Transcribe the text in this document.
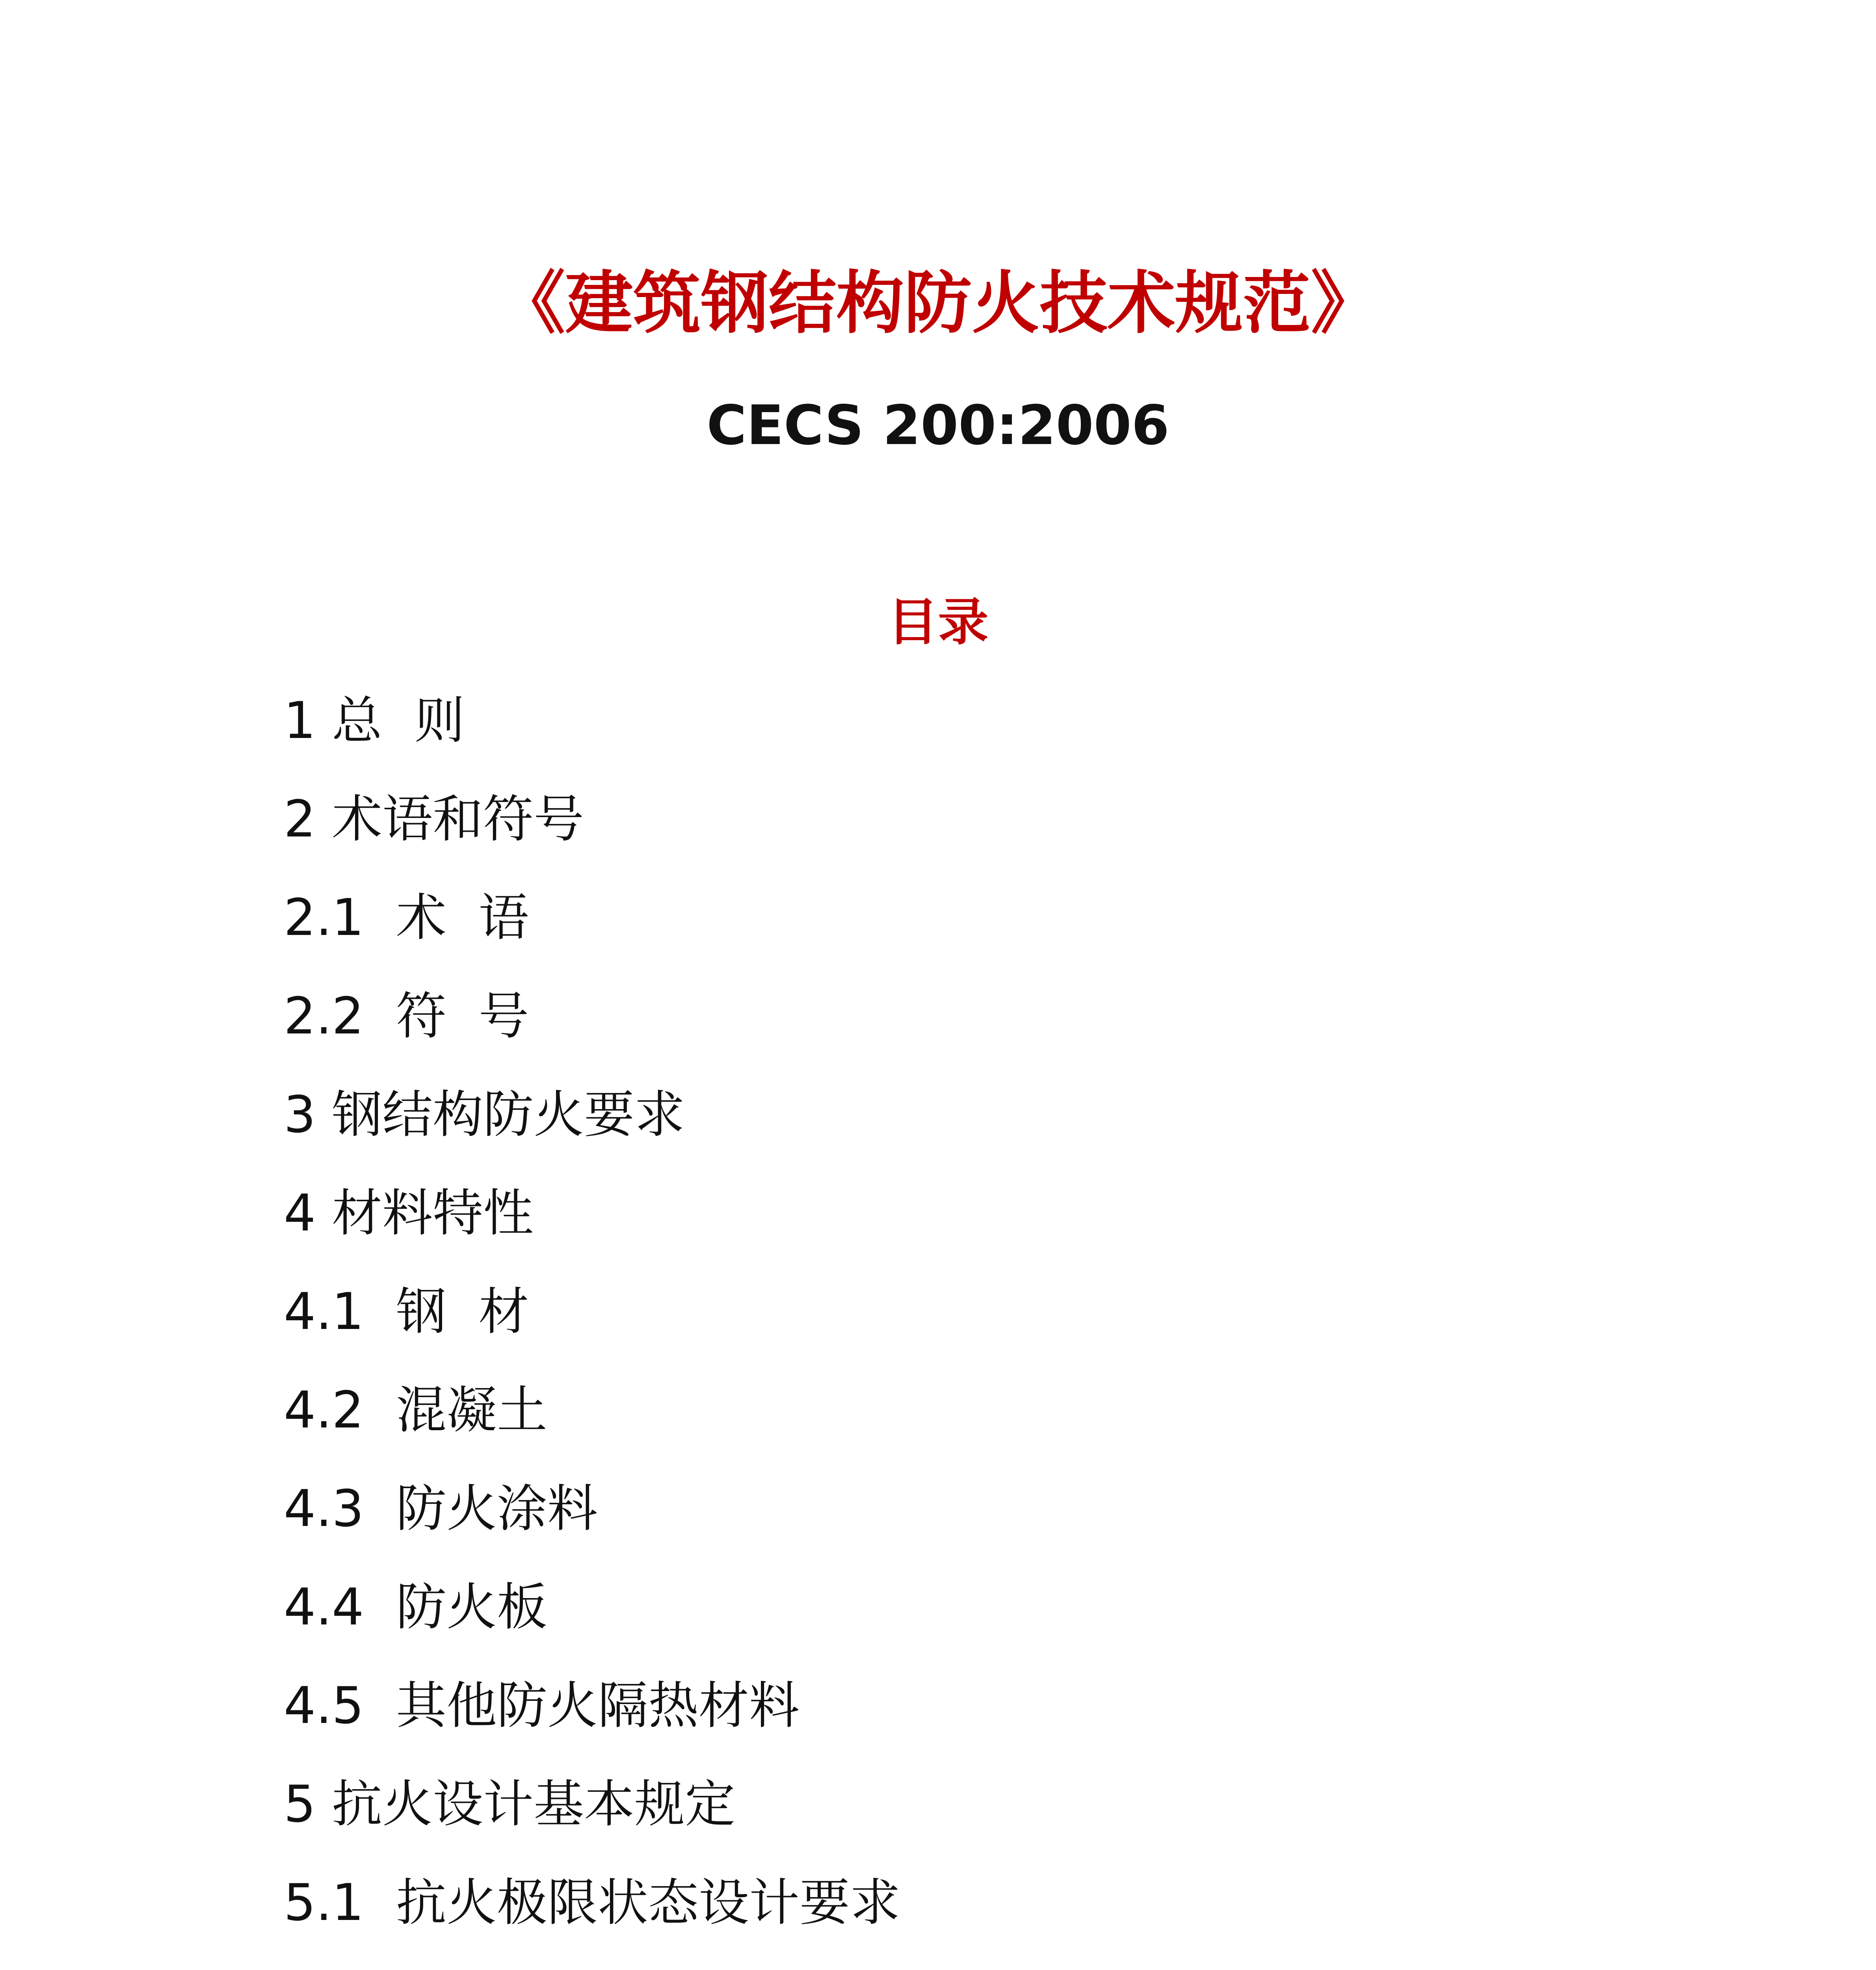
《建筑钢结构防火技术规范》
CECS 200:2006
目录
1 总  则
2 术语和符号
2.1  术  语
2.2  符  号
3 钢结构防火要求
4 材料特性
4.1  钢  材
4.2  混凝土
4.3  防火涂料
4.4  防火板
4.5  其他防火隔热材料
5 抗火设计基本规定
5.1  抗火极限状态设计要求
